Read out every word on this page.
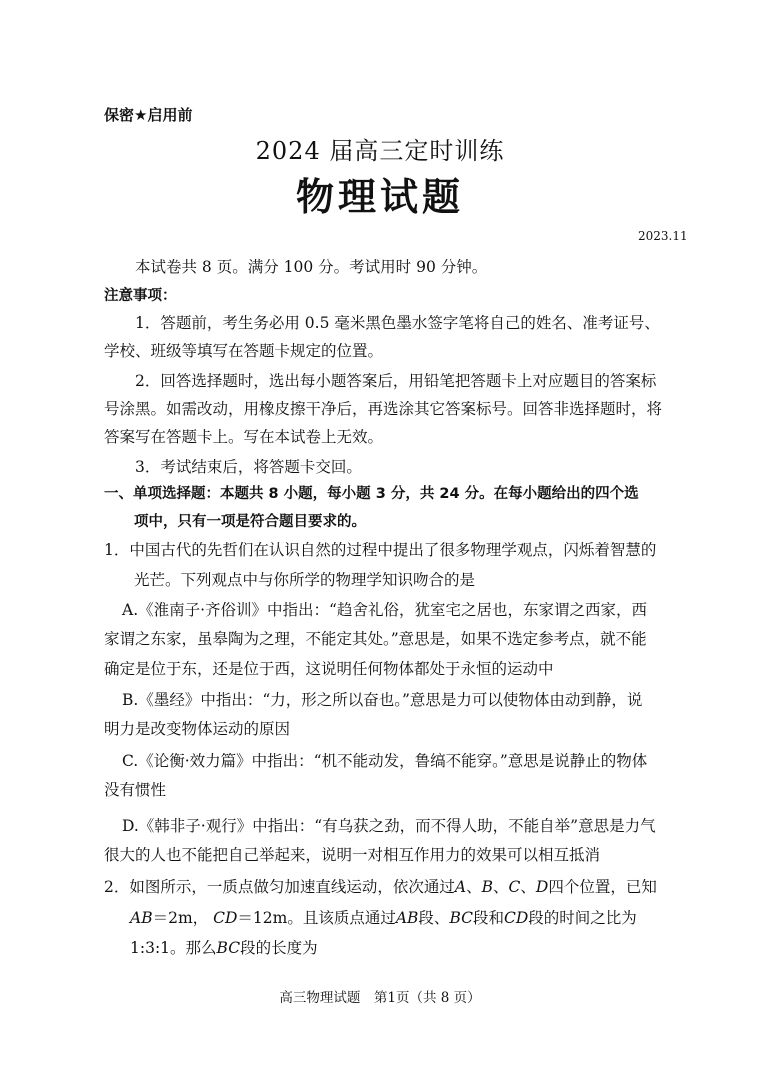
保密★启用前
2024 届高三定时训练
物理试题
2023.11
本试卷共 8 页。满分 100 分。考试用时 90 分钟。
注意事项：
1．答题前，考生务必用 0.5 毫米黑色墨水签字笔将自己的姓名、准考证号、
学校、班级等填写在答题卡规定的位置。
2．回答选择题时，选出每小题答案后，用铅笔把答题卡上对应题目的答案标
号涂黑。如需改动，用橡皮擦干净后，再选涂其它答案标号。回答非选择题时，将
答案写在答题卡上。写在本试卷上无效。
3．考试结束后，将答题卡交回。
一、单项选择题：本题共 8 小题，每小题 3 分，共 24 分。在每小题给出的四个选
项中，只有一项是符合题目要求的。
1．中国古代的先哲们在认识自然的过程中提出了很多物理学观点，闪烁着智慧的
光芒。下列观点中与你所学的物理学知识吻合的是
A.《淮南子·齐俗训》中指出：“趋舍礼俗，犹室宅之居也，东家谓之西家，西
家谓之东家，虽皋陶为之理，不能定其处。”意思是，如果不选定参考点，就不能
确定是位于东，还是位于西，这说明任何物体都处于永恒的运动中
B.《墨经》中指出：“力，形之所以奋也。”意思是力可以使物体由动到静，说
明力是改变物体运动的原因
C.《论衡·效力篇》中指出：“机不能动发，鲁缟不能穿。”意思是说静止的物体
没有惯性
D.《韩非子·观行》中指出：“有乌获之劲，而不得人助，不能自举”意思是力气
很大的人也不能把自己举起来，说明一对相互作用力的效果可以相互抵消
2．如图所示，一质点做匀加速直线运动，依次通过A、B、C、D四个位置，已知
AB＝2m， CD＝12m。且该质点通过AB段、BC段和CD段的时间之比为
1:3:1。那么BC段的长度为
高三物理试题　第1页（共 8 页）
